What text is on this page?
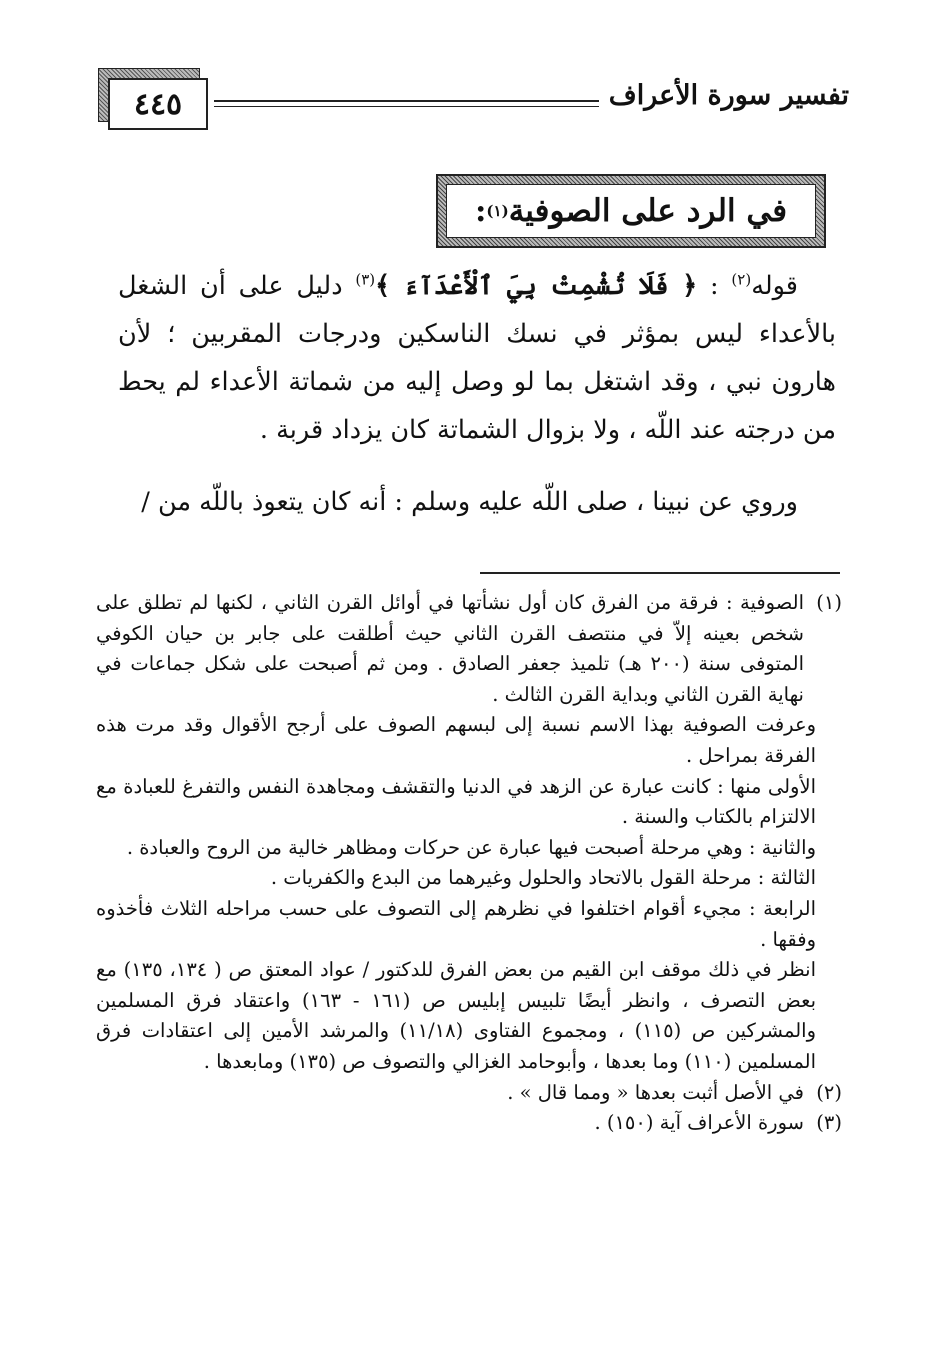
٤٤٥	تفسير سورة الأعراف
في الرد على الصوفية
(١)
:
قوله$^{(٢)}$ : ﴿ فَلَا تُشْمِتْ بِيَ ٱلْأَعْدَآءَ ﴾$^{(٣)}$ دليل على أن الشغل بالأعداء ليس بمؤثر في نسك الناسكين ودرجات المقربين ؛ لأن هارون نبي ، وقد اشتغل بما لو وصل إليه من شماتة الأعداء لم يحط من درجته عند اللّه ، ولا بزوال الشماتة كان يزداد قربة .
وروي عن نبينا ، صلى اللّه عليه وسلم : أنه كان يتعوذ باللّه من /
(١)
الصوفية : فرقة من الفرق كان أول نشأتها في أوائل القرن الثاني ، لكنها لم تطلق على شخص بعينه إلاّ في منتصف القرن الثاني حيث أطلقت على جابر بن حيان الكوفي المتوفى سنة (٢٠٠ هـ) تلميذ جعفر الصادق . ومن ثم أصبحت على شكل جماعات في نهاية القرن الثاني وبداية القرن الثالث .
وعرفت الصوفية بهذا الاسم نسبة إلى لبسهم الصوف على أرجح الأقوال وقد مرت هذه الفرقة بمراحل .
الأولى منها : كانت عبارة عن الزهد في الدنيا والتقشف ومجاهدة النفس والتفرغ للعبادة مع الالتزام بالكتاب والسنة .
والثانية : وهي مرحلة أصبحت فيها عبارة عن حركات ومظاهر خالية من الروح والعبادة .
الثالثة : مرحلة القول بالاتحاد والحلول وغيرهما من البدع والكفريات .
الرابعة : مجيء أقوام اختلفوا في نظرهم إلى التصوف على حسب مراحله الثلاث فأخذوه وفقها .
انظر في ذلك موقف ابن القيم من بعض الفرق للدكتور / عواد المعتق ص ( ١٣٤، ١٣٥) مع بعض التصرف ، وانظر أيضًا تلبيس إبليس ص (١٦١ - ١٦٣) واعتقاد فرق المسلمين والمشركين ص (١١٥) ، ومجموع الفتاوى (١١/١٨) والمرشد الأمين إلى اعتقادات فرق المسلمين (١١٠) وما بعدها ، وأبوحامد الغزالي والتصوف ص (١٣٥) ومابعدها .
(٢)
في الأصل أثبت بعدها « ومما قال » .
(٣)
سورة الأعراف آية (١٥٠) .
